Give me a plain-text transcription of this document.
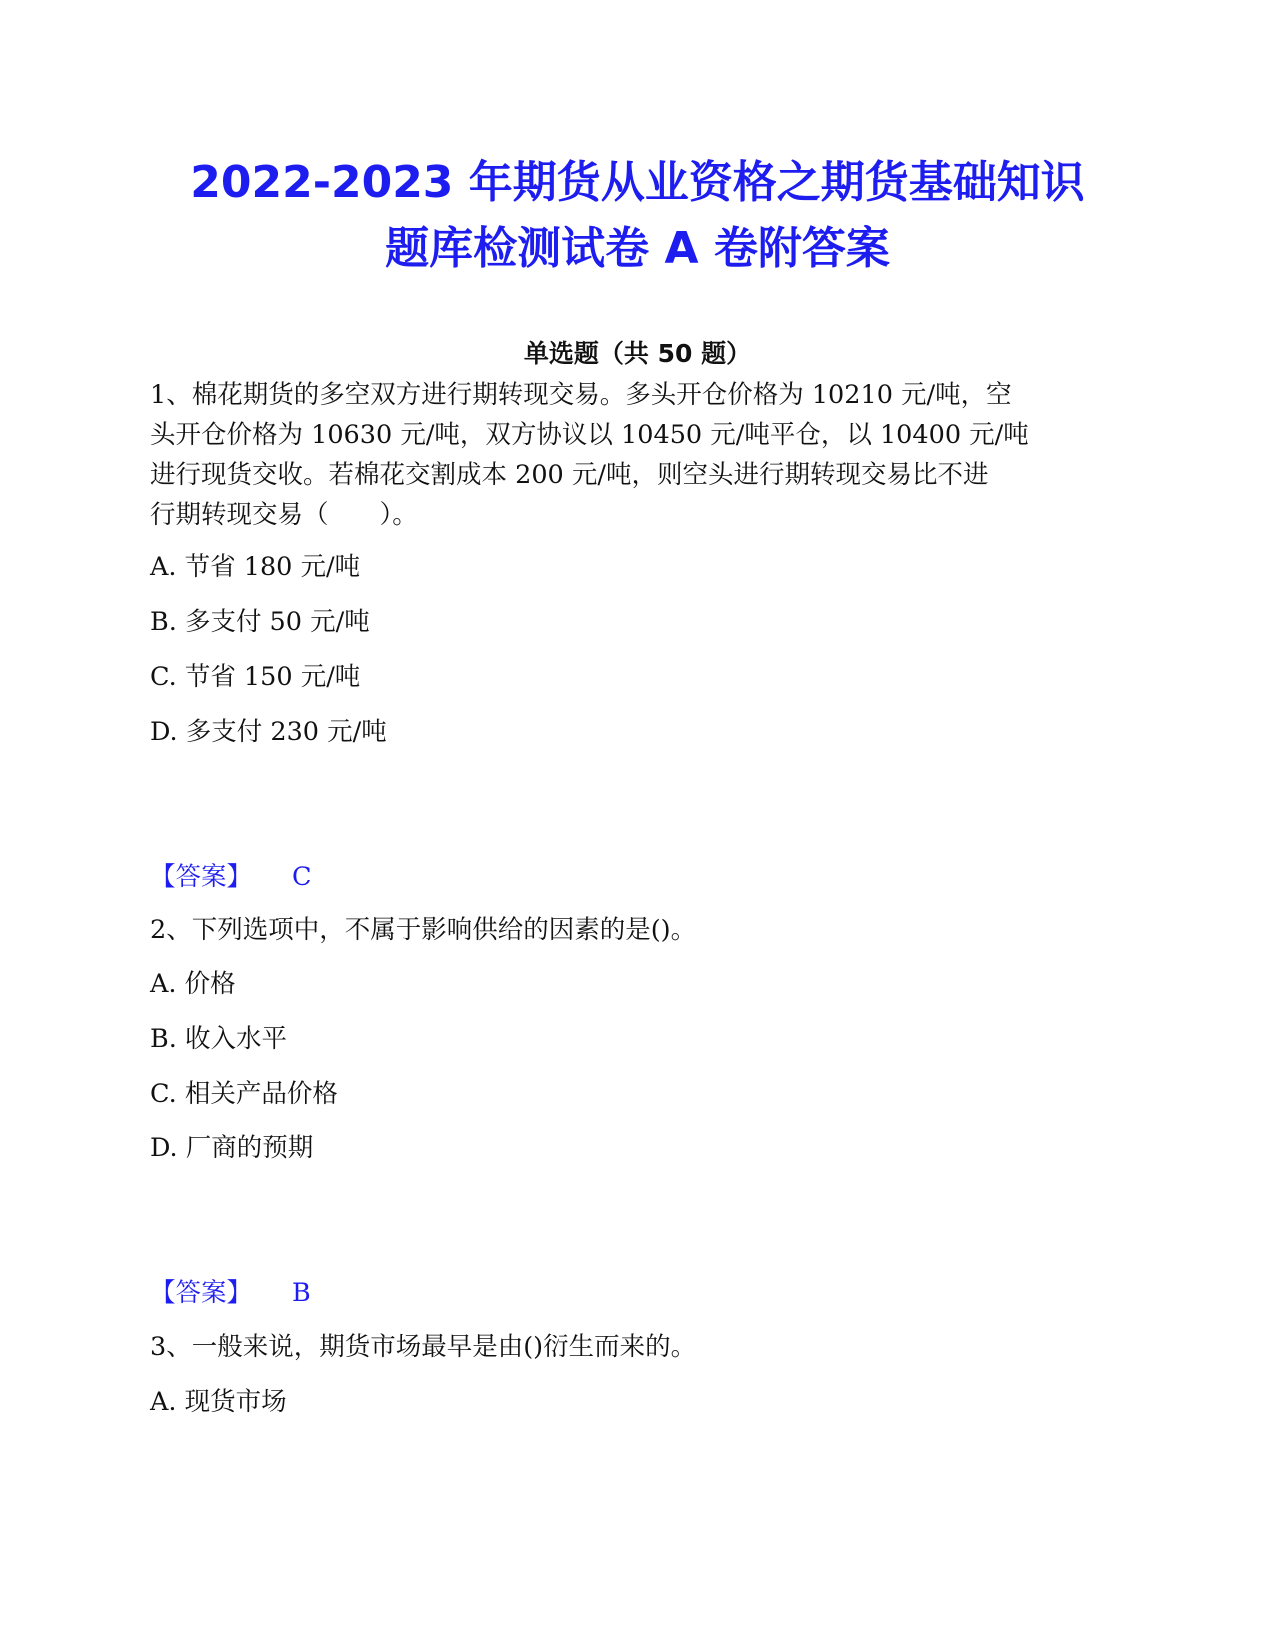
2022-2023 年期货从业资格之期货基础知识
题库检测试卷 A 卷附答案
单选题（共 50 题）
1、棉花期货的多空双方进行期转现交易。多头开仓价格为 10210 元/吨，空
头开仓价格为 10630 元/吨，双方协议以 10450 元/吨平仓，以 10400 元/吨
进行现货交收。若棉花交割成本 200 元/吨，则空头进行期转现交易比不进
行期转现交易（　　）。

A. 节省 180 元/吨

B. 多支付 50 元/吨

C. 节省 150 元/吨

D. 多支付 230 元/吨

【答案】 C

2、下列选项中，不属于影响供给的因素的是()。

A. 价格

B. 收入水平

C. 相关产品价格

D. 厂商的预期

【答案】 B

3、一般来说，期货市场最早是由()衍生而来的。

A. 现货市场
